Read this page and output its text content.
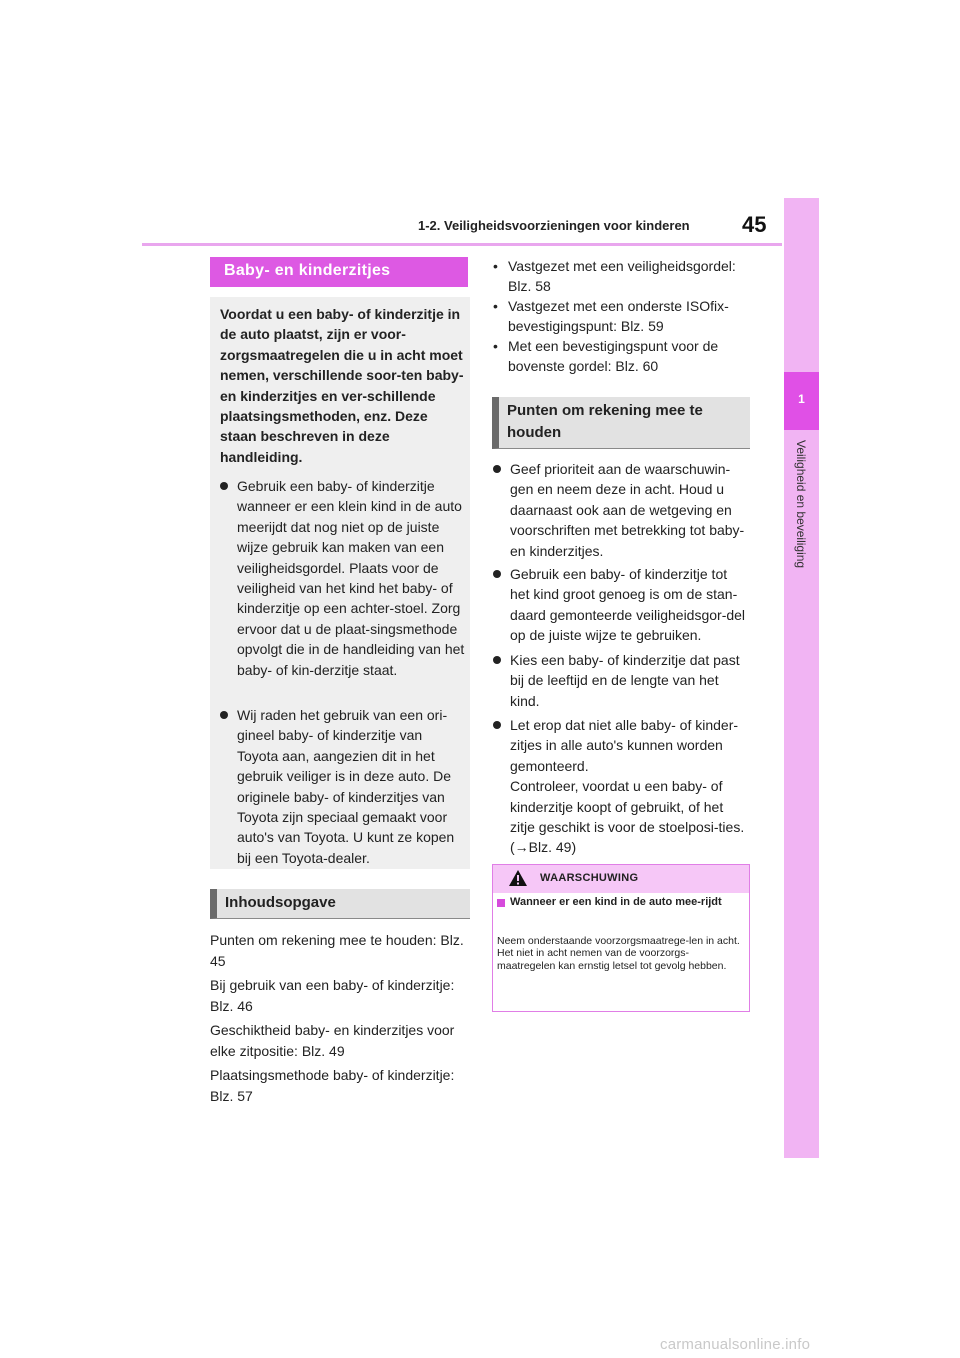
1-2. Veiligheidsvoorzieningen voor kinderen 45
1
Veiligheid en beveiliging
Baby- en kinderzitjes
Voordat u een baby- of kinderzitje in de auto plaatst, zijn er voor-zorgsmaatregelen die u in acht moet nemen, verschillende soor-ten baby- en kinderzitjes en ver-schillende plaatsingsmethoden, enz. Deze staan beschreven in deze handleiding.
Gebruik een baby- of kinderzitje wanneer er een klein kind in de auto meerijdt dat nog niet op de juiste wijze gebruik kan maken van een veiligheidsgordel. Plaats voor de veiligheid van het kind het baby- of kinderzitje op een achter-stoel. Zorg ervoor dat u de plaat-singsmethode opvolgt die in de handleiding van het baby- of kin-derzitje staat.
Wij raden het gebruik van een ori-gineel baby- of kinderzitje van Toyota aan, aangezien dit in het gebruik veiliger is in deze auto. De originele baby- of kinderzitjes van Toyota zijn speciaal gemaakt voor auto's van Toyota. U kunt ze kopen bij een Toyota-dealer.
Inhoudsopgave
Punten om rekening mee te houden: Blz. 45
Bij gebruik van een baby- of kinderzitje: Blz. 46
Geschiktheid baby- en kinderzitjes voor elke zitpositie: Blz. 49
Plaatsingsmethode baby- of kinderzitje: Blz. 57
• Vastgezet met een veiligheidsgordel: Blz. 58
• Vastgezet met een onderste ISOfix-bevestigingspunt: Blz. 59
• Met een bevestigingspunt voor de bovenste gordel: Blz. 60
Punten om rekening mee te houden
Geef prioriteit aan de waarschuwin-gen en neem deze in acht. Houd u daarnaast ook aan de wetgeving en voorschriften met betrekking tot baby- en kinderzitjes.
Gebruik een baby- of kinderzitje tot het kind groot genoeg is om de stan-daard gemonteerde veiligheidsgor-del op de juiste wijze te gebruiken.
Kies een baby- of kinderzitje dat past bij de leeftijd en de lengte van het kind.
Let erop dat niet alle baby- of kinder-zitjes in alle auto's kunnen worden gemonteerd.
Controleer, voordat u een baby- of kinderzitje koopt of gebruikt, of het zitje geschikt is voor de stoelposi-ties. (→Blz. 49)
WAARSCHUWING
Wanneer er een kind in de auto mee-rijdt
Neem onderstaande voorzorgsmaatrege-len in acht.
Het niet in acht nemen van de voorzorgs-maatregelen kan ernstig letsel tot gevolg hebben.
carmanualsonline.info
